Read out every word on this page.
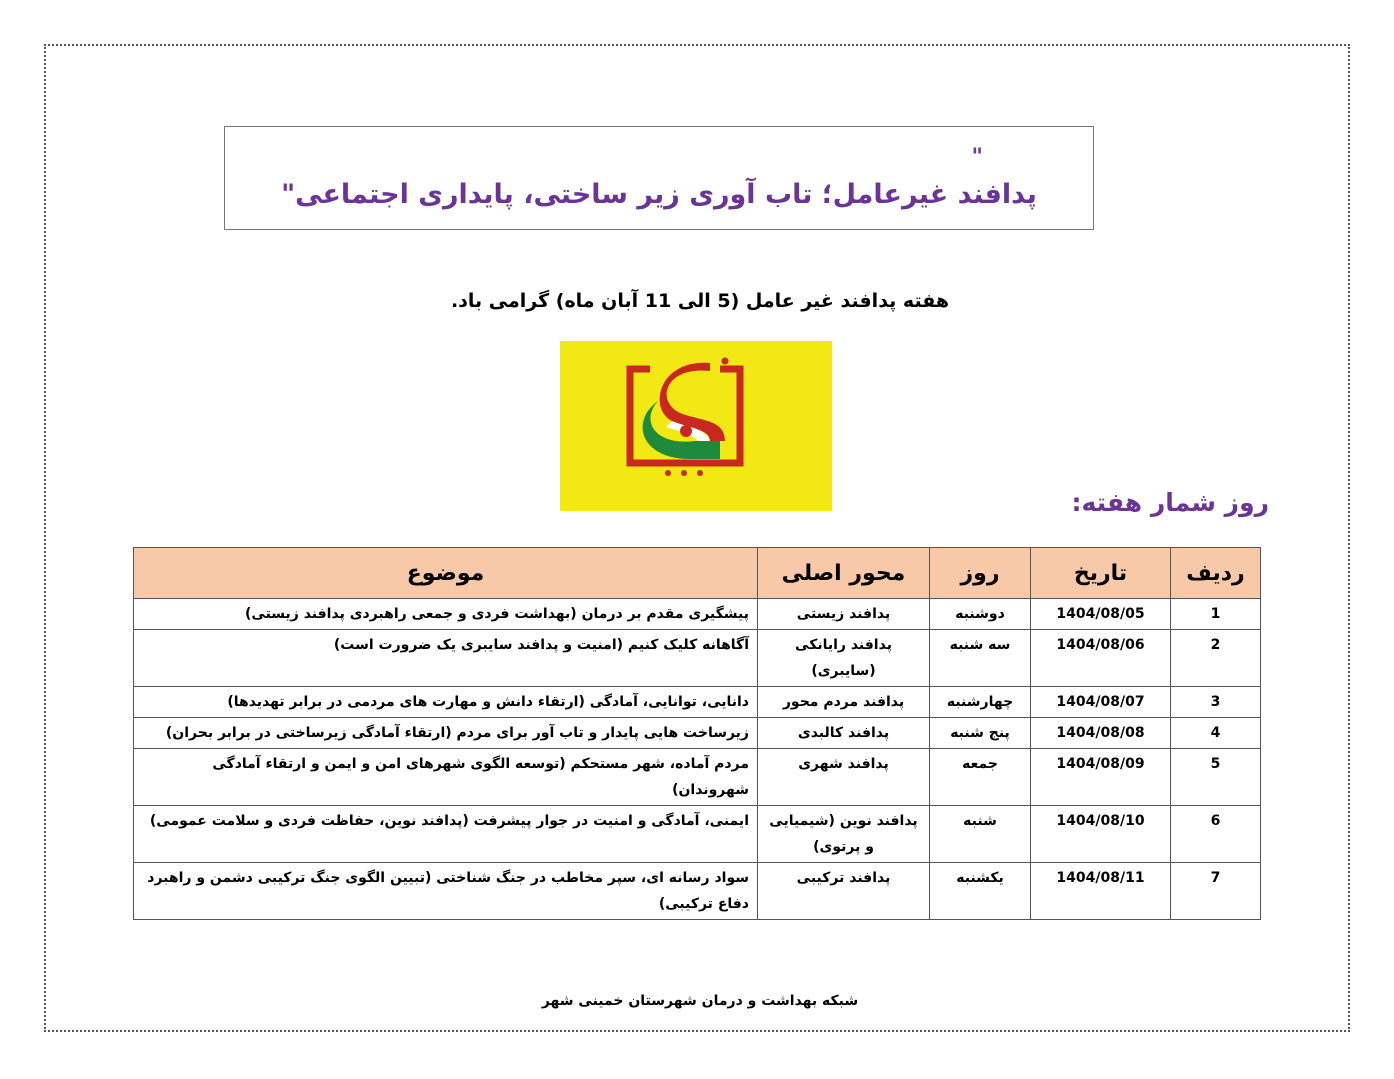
"
پدافند غیرعامل؛ تاب آوری زیر ساختی، پایداری اجتماعی"
هفته پدافند غیر عامل (5 الی 11 آبان ماه) گرامی باد.
روز شمار هفته:
ردیف	تاریخ	روز	محور اصلی	موضوع
1	1404/08/05	دوشنبه	پدافند زیستی	پیشگیری مقدم بر درمان (بهداشت فردی و جمعی راهبردی پدافند زیستی)
2	1404/08/06	سه شنبه	پدافند رایانکی (سایبری)	آگاهانه کلیک کنیم (امنیت و پدافند سایبری یک ضرورت است)
3	1404/08/07	چهارشنبه	پدافند مردم محور	دانایی، توانایی، آمادگی (ارتقاء دانش و مهارت های مردمی در برابر تهدیدها)
4	1404/08/08	پنج شنبه	پدافند کالبدی	زیرساخت هایی پایدار و تاب آور برای مردم (ارتقاء آمادگی زیرساختی در برابر بحران)
5	1404/08/09	جمعه	پدافند شهری	مردم آماده، شهر مستحکم (توسعه الگوی شهرهای امن و ایمن و ارتقاء آمادگی شهروندان)
6	1404/08/10	شنبه	پدافند نوین (شیمیایی و پرتوی)	ایمنی، آمادگی و امنیت در جوار پیشرفت (پدافند نوین، حفاظت فردی و سلامت عمومی)
7	1404/08/11	یکشنبه	پدافند ترکیبی	سواد رسانه ای، سپر مخاطب در جنگ شناختی (تبیین الگوی جنگ ترکیبی دشمن و راهبرد دفاع ترکیبی)
شبکه بهداشت و درمان شهرستان خمینی شهر
